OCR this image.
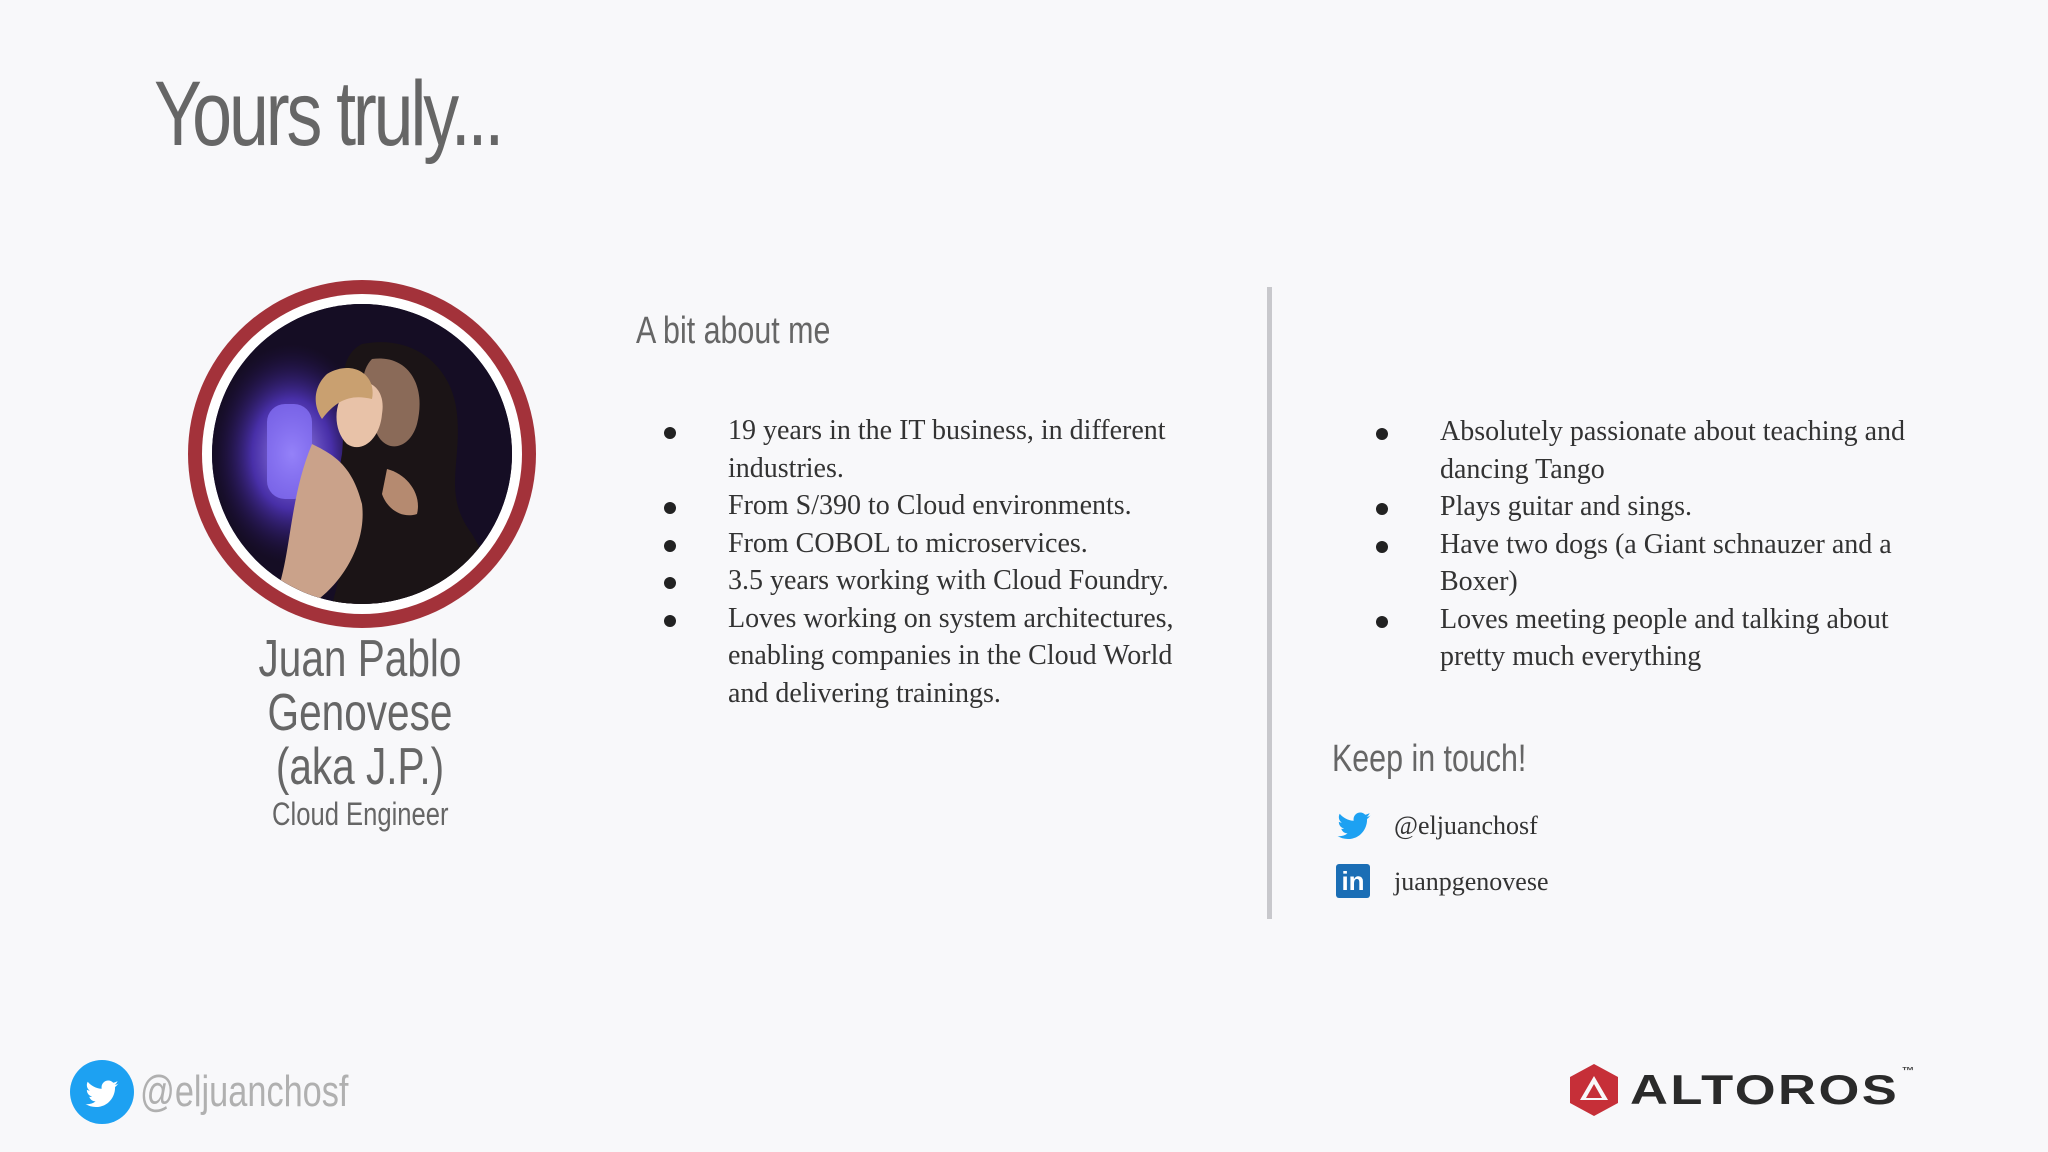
Yours truly...
Juan Pablo Genovese
(aka J.P.)
Cloud Engineer
A bit about me
19 years in the IT business, in different industries.
From S/390 to Cloud environments.
From COBOL to microservices.
3.5 years working with Cloud Foundry.
Loves working on system architectures, enabling companies in the Cloud World and delivering trainings.
Absolutely passionate about teaching and dancing Tango
Plays guitar and sings.
Have two dogs (a Giant schnauzer and a Boxer)
Loves meeting people and talking about pretty much everything
Keep in touch!
@eljuanchosf
in juanpgenovese
@eljuanchosf	ALTOROS ™
